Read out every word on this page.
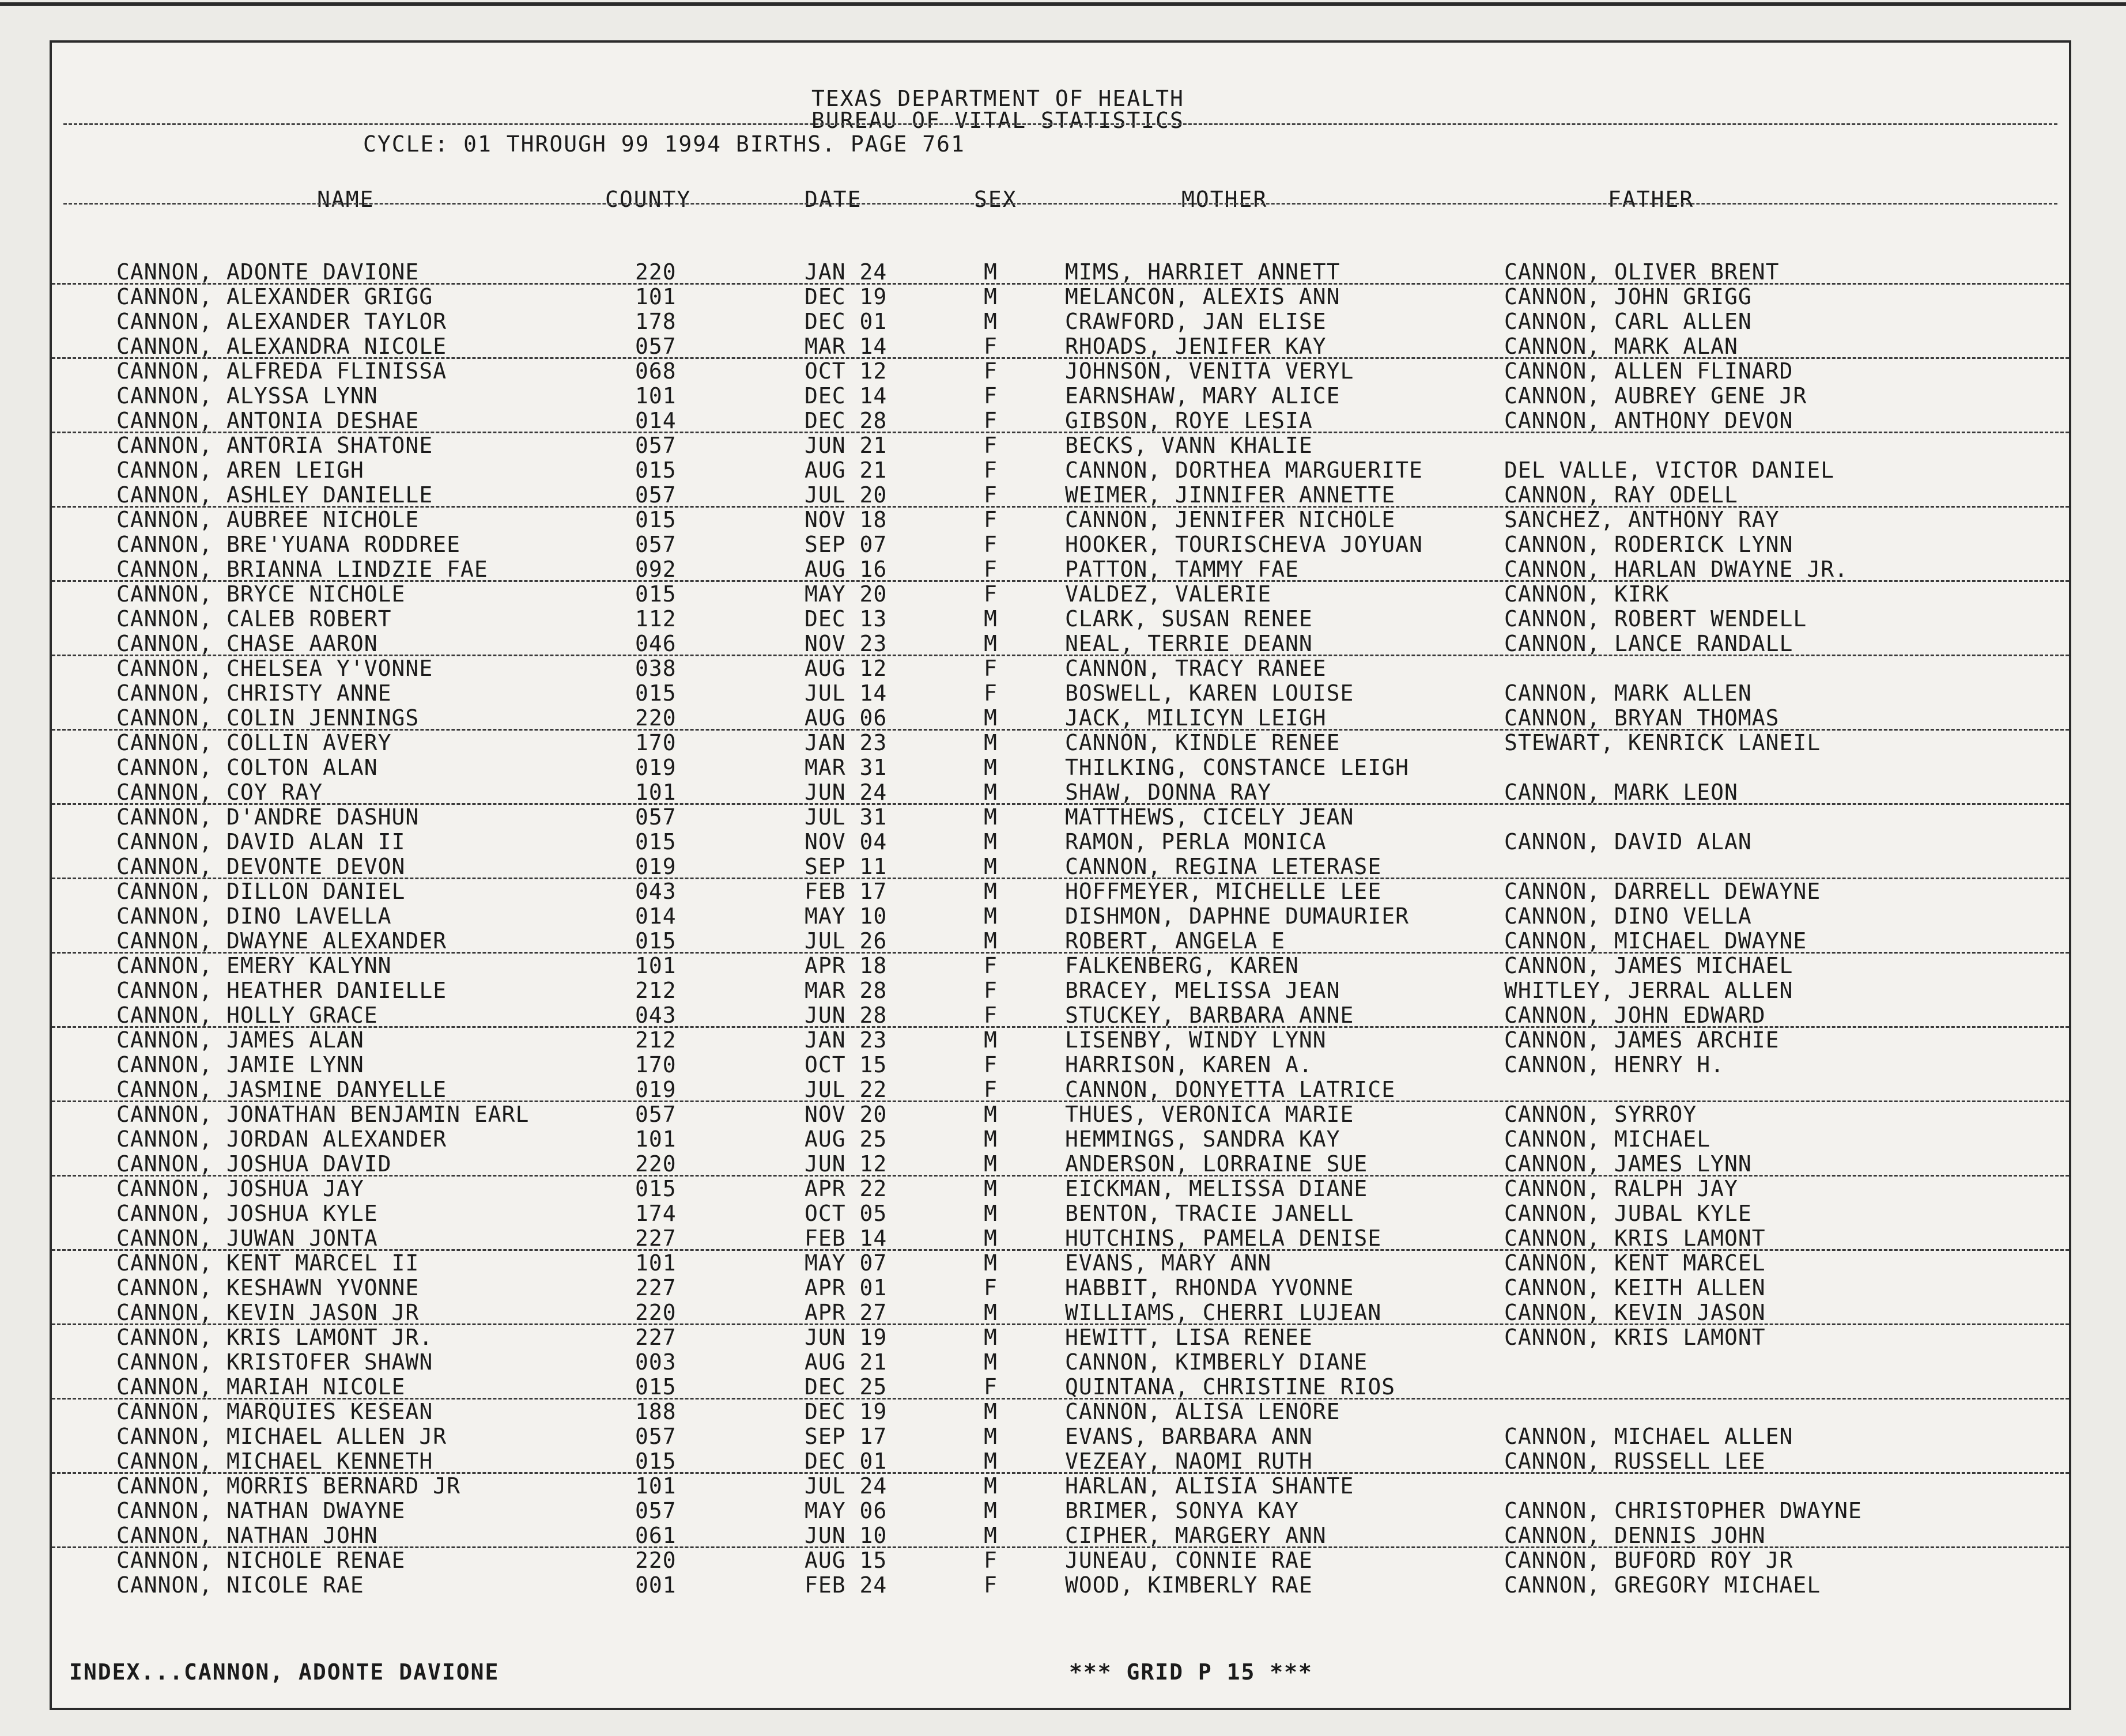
TEXAS DEPARTMENT OF HEALTH
BUREAU OF VITAL STATISTICS
CYCLE: 01 THROUGH 99 1994 BIRTHS. PAGE 761
NAME	COUNTY	DATE	SEX	MOTHER	FATHER
CANNON, ADONTE DAVIONE	220	JAN 24	M	MIMS, HARRIET ANNETT	CANNON, OLIVER BRENT
CANNON, ALEXANDER GRIGG	101	DEC 19	M	MELANCON, ALEXIS ANN	CANNON, JOHN GRIGG
CANNON, ALEXANDER TAYLOR	178	DEC 01	M	CRAWFORD, JAN ELISE	CANNON, CARL ALLEN
CANNON, ALEXANDRA NICOLE	057	MAR 14	F	RHOADS, JENIFER KAY	CANNON, MARK ALAN
CANNON, ALFREDA FLINISSA	068	OCT 12	F	JOHNSON, VENITA VERYL	CANNON, ALLEN FLINARD
CANNON, ALYSSA LYNN	101	DEC 14	F	EARNSHAW, MARY ALICE	CANNON, AUBREY GENE JR
CANNON, ANTONIA DESHAE	014	DEC 28	F	GIBSON, ROYE LESIA	CANNON, ANTHONY DEVON
CANNON, ANTORIA SHATONE	057	JUN 21	F	BECKS, VANN KHALIE
CANNON, AREN LEIGH	015	AUG 21	F	CANNON, DORTHEA MARGUERITE	DEL VALLE, VICTOR DANIEL
CANNON, ASHLEY DANIELLE	057	JUL 20	F	WEIMER, JINNIFER ANNETTE	CANNON, RAY ODELL
CANNON, AUBREE NICHOLE	015	NOV 18	F	CANNON, JENNIFER NICHOLE	SANCHEZ, ANTHONY RAY
CANNON, BRE'YUANA RODDREE	057	SEP 07	F	HOOKER, TOURISCHEVA JOYUAN	CANNON, RODERICK LYNN
CANNON, BRIANNA LINDZIE FAE	092	AUG 16	F	PATTON, TAMMY FAE	CANNON, HARLAN DWAYNE JR.
CANNON, BRYCE NICHOLE	015	MAY 20	F	VALDEZ, VALERIE	CANNON, KIRK
CANNON, CALEB ROBERT	112	DEC 13	M	CLARK, SUSAN RENEE	CANNON, ROBERT WENDELL
CANNON, CHASE AARON	046	NOV 23	M	NEAL, TERRIE DEANN	CANNON, LANCE RANDALL
CANNON, CHELSEA Y'VONNE	038	AUG 12	F	CANNON, TRACY RANEE
CANNON, CHRISTY ANNE	015	JUL 14	F	BOSWELL, KAREN LOUISE	CANNON, MARK ALLEN
CANNON, COLIN JENNINGS	220	AUG 06	M	JACK, MILICYN LEIGH	CANNON, BRYAN THOMAS
CANNON, COLLIN AVERY	170	JAN 23	M	CANNON, KINDLE RENEE	STEWART, KENRICK LANEIL
CANNON, COLTON ALAN	019	MAR 31	M	THILKING, CONSTANCE LEIGH
CANNON, COY RAY	101	JUN 24	M	SHAW, DONNA RAY	CANNON, MARK LEON
CANNON, D'ANDRE DASHUN	057	JUL 31	M	MATTHEWS, CICELY JEAN
CANNON, DAVID ALAN II	015	NOV 04	M	RAMON, PERLA MONICA	CANNON, DAVID ALAN
CANNON, DEVONTE DEVON	019	SEP 11	M	CANNON, REGINA LETERASE
CANNON, DILLON DANIEL	043	FEB 17	M	HOFFMEYER, MICHELLE LEE	CANNON, DARRELL DEWAYNE
CANNON, DINO LAVELLA	014	MAY 10	M	DISHMON, DAPHNE DUMAURIER	CANNON, DINO VELLA
CANNON, DWAYNE ALEXANDER	015	JUL 26	M	ROBERT, ANGELA E	CANNON, MICHAEL DWAYNE
CANNON, EMERY KALYNN	101	APR 18	F	FALKENBERG, KAREN	CANNON, JAMES MICHAEL
CANNON, HEATHER DANIELLE	212	MAR 28	F	BRACEY, MELISSA JEAN	WHITLEY, JERRAL ALLEN
CANNON, HOLLY GRACE	043	JUN 28	F	STUCKEY, BARBARA ANNE	CANNON, JOHN EDWARD
CANNON, JAMES ALAN	212	JAN 23	M	LISENBY, WINDY LYNN	CANNON, JAMES ARCHIE
CANNON, JAMIE LYNN	170	OCT 15	F	HARRISON, KAREN A.	CANNON, HENRY H.
CANNON, JASMINE DANYELLE	019	JUL 22	F	CANNON, DONYETTA LATRICE
CANNON, JONATHAN BENJAMIN EARL	057	NOV 20	M	THUES, VERONICA MARIE	CANNON, SYRROY
CANNON, JORDAN ALEXANDER	101	AUG 25	M	HEMMINGS, SANDRA KAY	CANNON, MICHAEL
CANNON, JOSHUA DAVID	220	JUN 12	M	ANDERSON, LORRAINE SUE	CANNON, JAMES LYNN
CANNON, JOSHUA JAY	015	APR 22	M	EICKMAN, MELISSA DIANE	CANNON, RALPH JAY
CANNON, JOSHUA KYLE	174	OCT 05	M	BENTON, TRACIE JANELL	CANNON, JUBAL KYLE
CANNON, JUWAN JONTA	227	FEB 14	M	HUTCHINS, PAMELA DENISE	CANNON, KRIS LAMONT
CANNON, KENT MARCEL II	101	MAY 07	M	EVANS, MARY ANN	CANNON, KENT MARCEL
CANNON, KESHAWN YVONNE	227	APR 01	F	HABBIT, RHONDA YVONNE	CANNON, KEITH ALLEN
CANNON, KEVIN JASON JR	220	APR 27	M	WILLIAMS, CHERRI LUJEAN	CANNON, KEVIN JASON
CANNON, KRIS LAMONT JR.	227	JUN 19	M	HEWITT, LISA RENEE	CANNON, KRIS LAMONT
CANNON, KRISTOFER SHAWN	003	AUG 21	M	CANNON, KIMBERLY DIANE
CANNON, MARIAH NICOLE	015	DEC 25	F	QUINTANA, CHRISTINE RIOS
CANNON, MARQUIES KESEAN	188	DEC 19	M	CANNON, ALISA LENORE
CANNON, MICHAEL ALLEN JR	057	SEP 17	M	EVANS, BARBARA ANN	CANNON, MICHAEL ALLEN
CANNON, MICHAEL KENNETH	015	DEC 01	M	VEZEAY, NAOMI RUTH	CANNON, RUSSELL LEE
CANNON, MORRIS BERNARD JR	101	JUL 24	M	HARLAN, ALISIA SHANTE
CANNON, NATHAN DWAYNE	057	MAY 06	M	BRIMER, SONYA KAY	CANNON, CHRISTOPHER DWAYNE
CANNON, NATHAN JOHN	061	JUN 10	M	CIPHER, MARGERY ANN	CANNON, DENNIS JOHN
CANNON, NICHOLE RENAE	220	AUG 15	F	JUNEAU, CONNIE RAE	CANNON, BUFORD ROY JR
CANNON, NICOLE RAE	001	FEB 24	F	WOOD, KIMBERLY RAE	CANNON, GREGORY MICHAEL
INDEX...CANNON, ADONTE DAVIONE	*** GRID P 15 ***
